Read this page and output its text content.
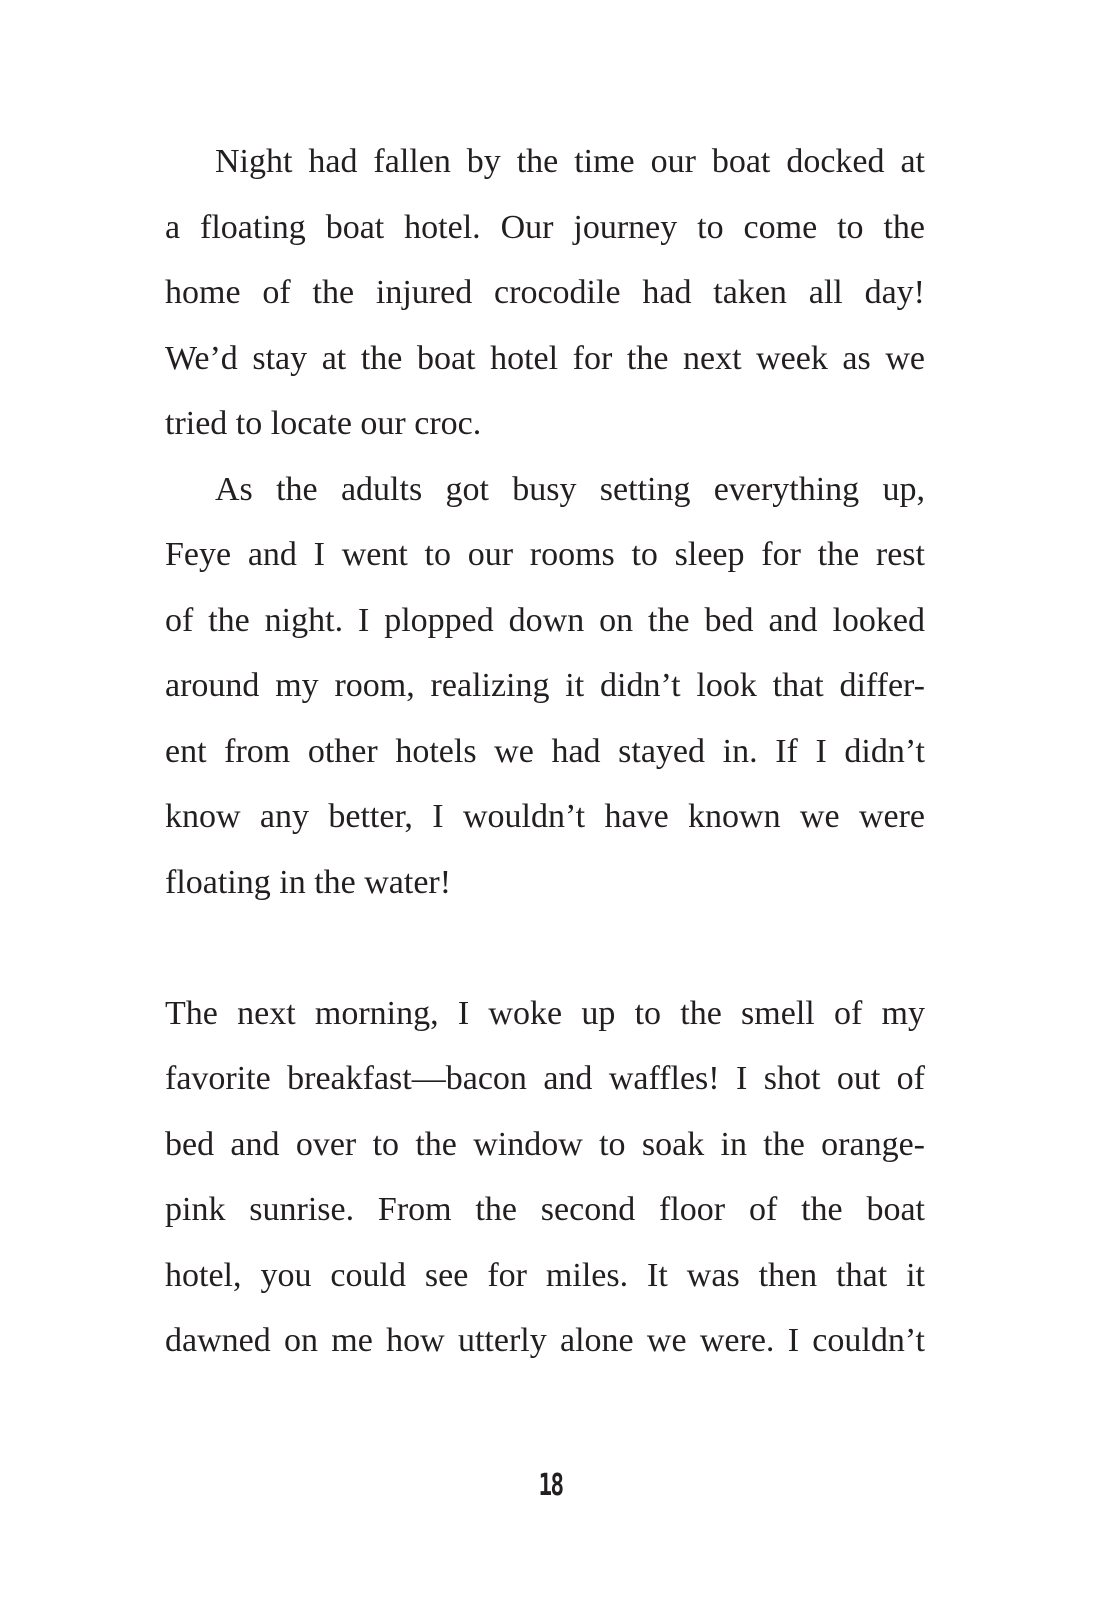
Night had fallen by the time our boat docked at
a floating boat hotel. Our journey to come to the
home of the injured crocodile had taken all day!
We’d stay at the boat hotel for the next week as we
tried to locate our croc.
As the adults got busy setting everything up,
Feye and I went to our rooms to sleep for the rest
of the night. I plopped down on the bed and looked
around my room, realizing it didn’t look that differ-
ent from other hotels we had stayed in. If I didn’t
know any better, I wouldn’t have known we were
floating in the water!
The next morning, I woke up to the smell of my
favorite breakfast—bacon and waffles! I shot out of
bed and over to the window to soak in the orange-
pink sunrise. From the second floor of the boat
hotel, you could see for miles. It was then that it
dawned on me how utterly alone we were. I couldn’t
18
